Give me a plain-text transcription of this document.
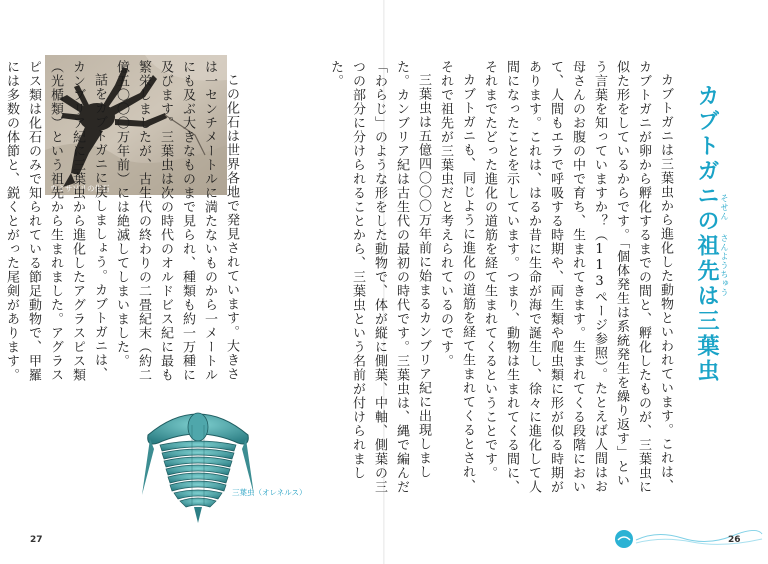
ウミサソリの化石	この化石は世界各地で発見されています。大きさは一センチメートルに満たないものから一メートルにも及ぶ大きなものまで見られ、種類も約一万種に及びます。三葉虫は次の時代のオルドビス紀に最も繁栄しましたが、古生代の終わりの二畳紀末（約二億五〇〇〇万年前）には絶滅してしまいました。

話をカブトガニに戻しましょう。カブトガニは、カンブリア紀に三葉虫から進化したアグラスピス類（光楯類）という祖先から生まれました。アグラスピス類は化石のみで知られている節足動物で、甲羅には多数の体節と、鋭くとがった尾剣があります。

三葉虫（オレネルス）
27
カブトガニの祖先は三葉虫 そせん
さんようちゅう

カブトガニは三葉虫から進化した動物といわれています。これは、カブトガニが卵から孵化するまでの間と、孵化したものが、三葉虫に似た形をしているからです。「個体発生は系統発生を繰り返す」という言葉を知っていますか？（113ページ参照）。たとえば人間はお母さんのお腹の中で育ち、生まれてきます。生まれてくる段階において、人間もエラで呼吸する時期や、両生類や爬虫類に形が似る時期があります。これは、はるか昔に生命が海で誕生し、徐々に進化して人間になったことを示しています。つまり、動物は生まれてくる間に、それまでたどった進化の道筋を経て生まれてくるということです。

カブトガニも、同じように進化の道筋を経て生まれてくるとされ、それで祖先が三葉虫だと考えられているのです。

三葉虫は五億四〇〇〇万年前に始まるカンブリア紀に出現しました。カンブリア紀は古生代の最初の時代です。三葉虫は、縄で編んだ「わらじ」のような形をした動物で、体が縦に側葉、中軸、側葉の三つの部分に分けられることから、三葉虫という名前が付けられました。

26
